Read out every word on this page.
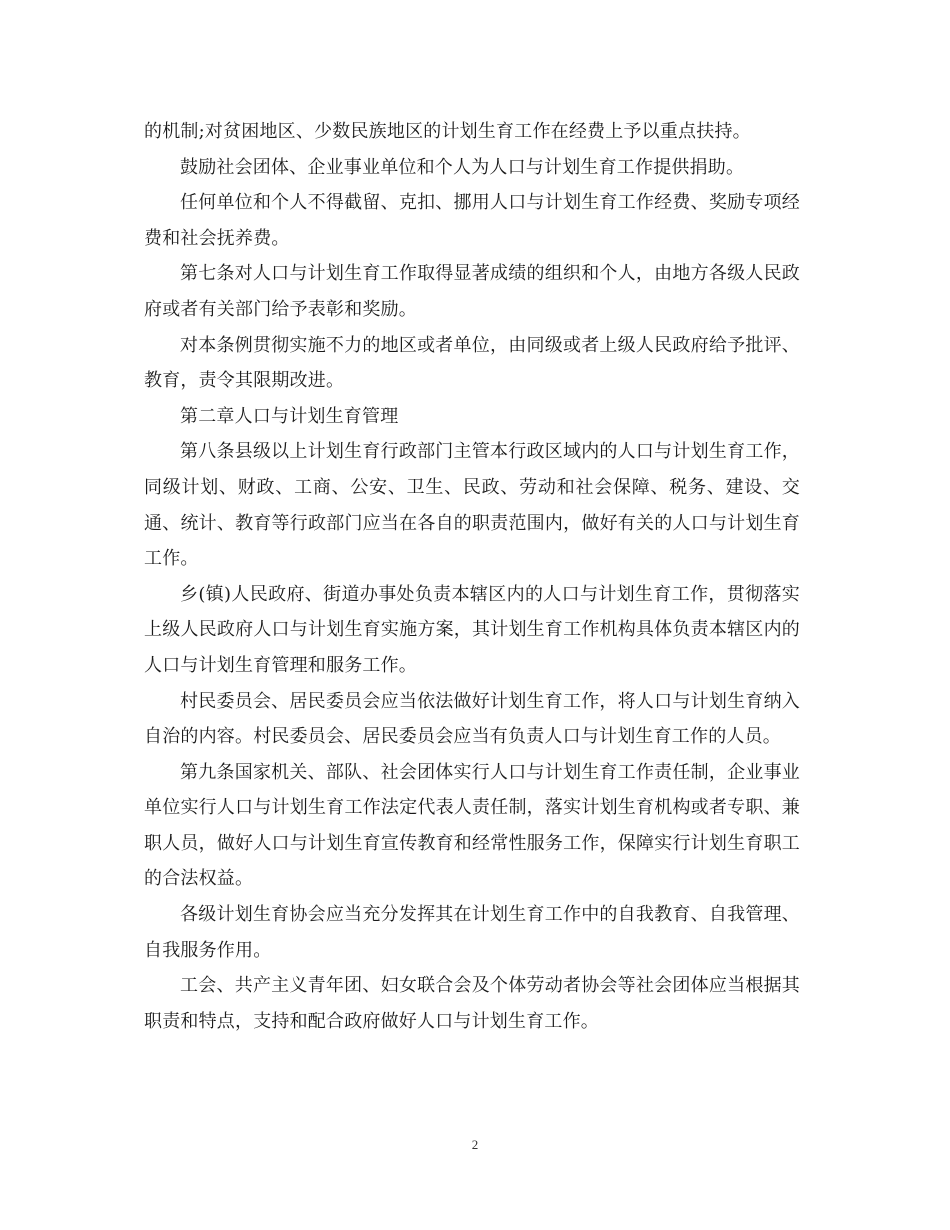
的机制;对贫困地区、少数民族地区的计划生育工作在经费上予以重点扶持。

鼓励社会团体、企业事业单位和个人为人口与计划生育工作提供捐助。

任何单位和个人不得截留、克扣、挪用人口与计划生育工作经费、奖励专项经费和社会抚养费。

第七条对人口与计划生育工作取得显著成绩的组织和个人，由地方各级人民政府或者有关部门给予表彰和奖励。

对本条例贯彻实施不力的地区或者单位，由同级或者上级人民政府给予批评、教育，责令其限期改进。

第二章人口与计划生育管理

第八条县级以上计划生育行政部门主管本行政区域内的人口与计划生育工作，同级计划、财政、工商、公安、卫生、民政、劳动和社会保障、税务、建设、交通、统计、教育等行政部门应当在各自的职责范围内，做好有关的人口与计划生育工作。

乡(镇)人民政府、街道办事处负责本辖区内的人口与计划生育工作，贯彻落实上级人民政府人口与计划生育实施方案，其计划生育工作机构具体负责本辖区内的人口与计划生育管理和服务工作。

村民委员会、居民委员会应当依法做好计划生育工作，将人口与计划生育纳入自治的内容。村民委员会、居民委员会应当有负责人口与计划生育工作的人员。

第九条国家机关、部队、社会团体实行人口与计划生育工作责任制，企业事业单位实行人口与计划生育工作法定代表人责任制，落实计划生育机构或者专职、兼职人员，做好人口与计划生育宣传教育和经常性服务工作，保障实行计划生育职工的合法权益。

各级计划生育协会应当充分发挥其在计划生育工作中的自我教育、自我管理、自我服务作用。

工会、共产主义青年团、妇女联合会及个体劳动者协会等社会团体应当根据其职责和特点，支持和配合政府做好人口与计划生育工作。

2
